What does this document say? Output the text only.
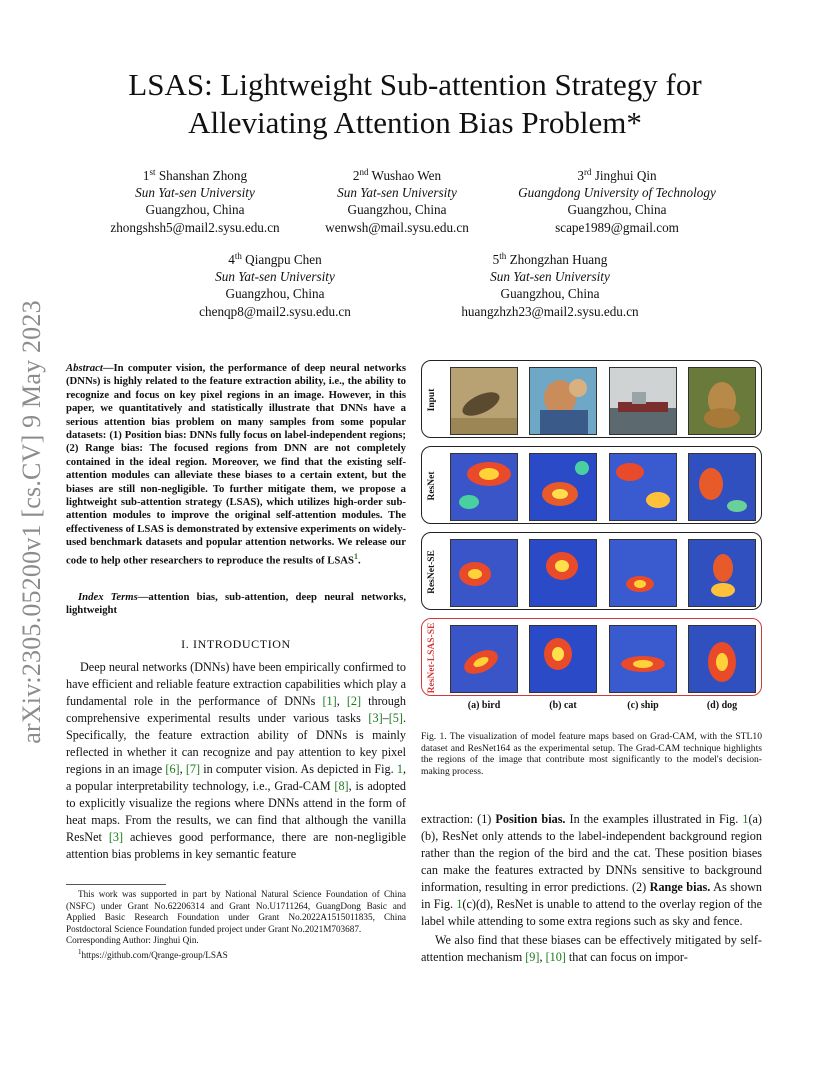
arXiv:2305.05200v1 [cs.CV] 9 May 2023
LSAS: Lightweight Sub-attention Strategy for
Alleviating Attention Bias Problem*
1st Shanshan Zhong
Sun Yat-sen University
Guangzhou, China
zhongshsh5@mail2.sysu.edu.cn
2nd Wushao Wen
Sun Yat-sen University
Guangzhou, China
wenwsh@mail.sysu.edu.cn
3rd Jinghui Qin
Guangdong University of Technology
Guangzhou, China
scape1989@gmail.com
4th Qiangpu Chen
Sun Yat-sen University
Guangzhou, China
chenqp8@mail2.sysu.edu.cn
5th Zhongzhan Huang
Sun Yat-sen University
Guangzhou, China
huangzhzh23@mail2.sysu.edu.cn
Abstract—In computer vision, the performance of deep neural networks (DNNs) is highly related to the feature extraction ability, i.e., the ability to recognize and focus on key pixel regions in an image. However, in this paper, we quantitatively and statistically illustrate that DNNs have a serious attention bias problem on many samples from some popular datasets: (1) Position bias: DNNs fully focus on label-independent regions; (2) Range bias: The focused regions from DNN are not completely contained in the ideal region. Moreover, we find that the existing self-attention modules can alleviate these biases to a certain extent, but the biases are still non-negligible. To further mitigate them, we propose a lightweight sub-attention strategy (LSAS), which utilizes high-order sub-attention modules to improve the original self-attention modules. The effectiveness of LSAS is demonstrated by extensive experiments on widely-used benchmark datasets and popular attention networks. We release our code to help other researchers to reproduce the results of LSAS$^1$.
Index Terms—attention bias, sub-attention, deep neural networks, lightweight
I. INTRODUCTION
Deep neural networks (DNNs) have been empirically confirmed to have efficient and reliable feature extraction capabilities which play a fundamental role in the performance of DNNs [1], [2] through comprehensive experimental results under various tasks [3]–[5]. Specifically, the feature extraction ability of DNNs is mainly reflected in whether it can recognize and pay attention to key pixel regions in an image [6], [7] in computer vision. As depicted in Fig. 1, a popular interpretability technology, i.e., Grad-CAM [8], is adopted to explicitly visualize the regions where DNNs attend in the form of heat maps. From the results, we can find that although the vanilla ResNet [3] achieves good performance, there are non-negligible attention bias problems in key semantic feature

This work was supported in part by National Natural Science Foundation of China (NSFC) under Grant No.62206314 and Grant No.U1711264, GuangDong Basic and Applied Basic Research Foundation under Grant No.2022A1515011835, China Postdoctoral Science Foundation funded project under Grant No.2021M703687.

Corresponding Author: Jinghui Qin.

$^1$https://github.com/Qrange-group/LSAS

Input
ResNet
ResNet-SE
ResNet-LSAS-SE
(a) bird	(b) cat	(c) ship	(d) dog
Fig. 1. The visualization of model feature maps based on Grad-CAM, with the STL10 dataset and ResNet164 as the experimental setup. The Grad-CAM technique highlights the regions of the image that contribute most significantly to the model's decision-making process.

extraction: (1) Position bias. In the examples illustrated in Fig. 1(a)(b), ResNet only attends to the label-independent background region rather than the region of the bird and the cat. These position biases can make the features extracted by DNNs sensitive to background information, resulting in error predictions. (2) Range bias. As shown in Fig. 1(c)(d), ResNet is unable to attend to the overlay region of the label while attending to some extra regions such as sky and fence.

We also find that these biases can be effectively mitigated by self-attention mechanism [9], [10] that can focus on impor-
